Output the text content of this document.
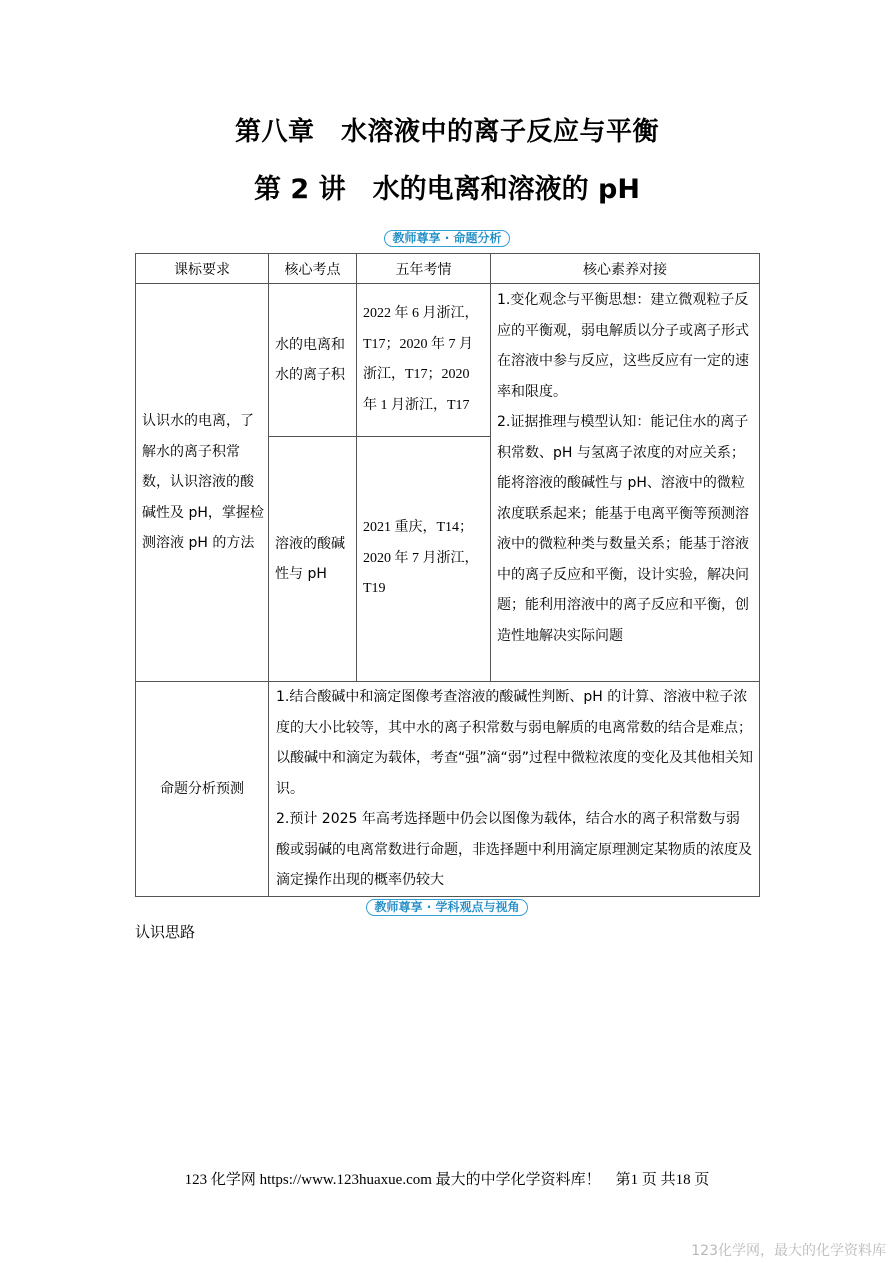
第八章　水溶液中的离子反应与平衡
第 2 讲　水的电离和溶液的 pH
教师尊享 · 命题分析
课标要求	核心考点	五年考情	核心素养对接
认识水的电离，了解水的离子积常数，认识溶液的酸碱性及 pH，掌握检测溶液 pH 的方法	水的电离和水的离子积	2022 年 6 月浙江，T17；2020 年 7 月浙江，T17；2020 年 1 月浙江，T17	1.变化观念与平衡思想：建立微观粒子反应的平衡观，弱电解质以分子或离子形式在溶液中参与反应，这些反应有一定的速率和限度。
2.证据推理与模型认知：能记住水的离子积常数、pH 与氢离子浓度的对应关系；能将溶液的酸碱性与 pH、溶液中的微粒浓度联系起来；能基于电离平衡等预测溶液中的微粒种类与数量关系；能基于溶液中的离子反应和平衡，设计实验，解决问题；能利用溶液中的离子反应和平衡，创造性地解决实际问题
	溶液的酸碱性与 pH	2021 重庆，T14；2020 年 7 月浙江，T19	
命题分析预测	1.结合酸碱中和滴定图像考查溶液的酸碱性判断、pH 的计算、溶液中粒子浓度的大小比较等，其中水的离子积常数与弱电解质的电离常数的结合是难点；以酸碱中和滴定为载体，考查“强”滴“弱”过程中微粒浓度的变化及其他相关知识。
2.预计 2025 年高考选择题中仍会以图像为载体，结合水的离子积常数与弱酸或弱碱的电离常数进行命题，非选择题中利用滴定原理测定某物质的浓度及滴定操作出现的概率仍较大		
教师尊享 · 学科观点与视角
认识思路
123 化学网 https://www.123huaxue.com 最大的中学化学资料库！　第1 页 共18 页
123化学网，最大的化学资料库
